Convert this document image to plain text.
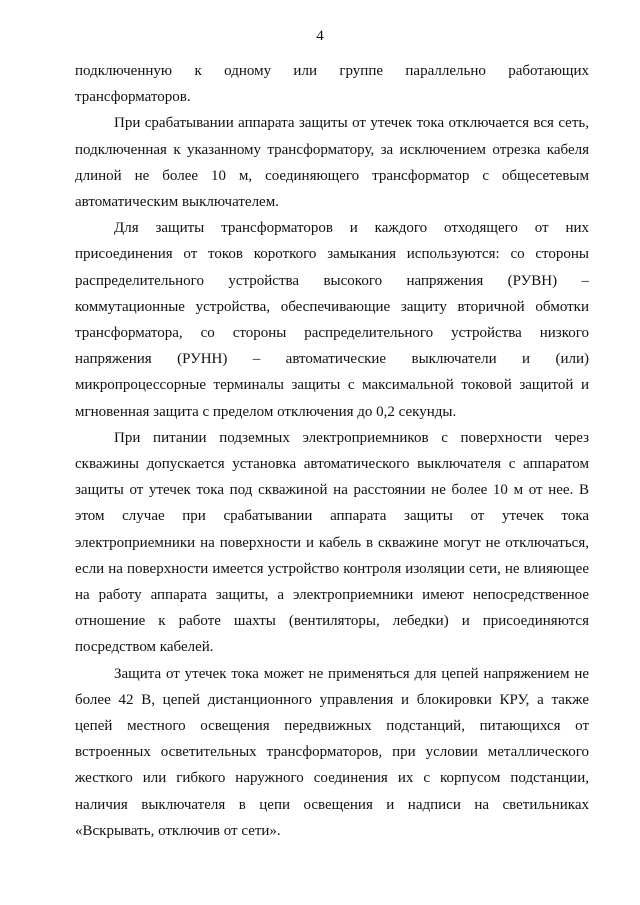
4

подключенную к одному или группе параллельно работающих трансформаторов.

При срабатывании аппарата защиты от утечек тока отключается вся сеть, подключенная к указанному трансформатору, за исключением отрезка кабеля длиной не более 10 м, соединяющего трансформатор с общесетевым автоматическим выключателем.

Для защиты трансформаторов и каждого отходящего от них присоединения от токов короткого замыкания используются: со стороны распределительного устройства высокого напряжения (РУВН) – коммутационные устройства, обеспечивающие защиту вторичной обмотки трансформатора, со стороны распределительного устройства низкого напряжения (РУНН) – автоматические выключатели и (или) микропроцессорные терминалы защиты с максимальной токовой защитой и мгновенная защита с пределом отключения до 0,2 секунды.

При питании подземных электроприемников с поверхности через скважины допускается установка автоматического выключателя с аппаратом защиты от утечек тока под скважиной на расстоянии не более 10 м от нее. В этом случае при срабатывании аппарата защиты от утечек тока электроприемники на поверхности и кабель в скважине могут не отключаться, если на поверхности имеется устройство контроля изоляции сети, не влияющее на работу аппарата защиты, а электроприемники имеют непосредственное отношение к работе шахты (вентиляторы, лебедки) и присоединяются посредством кабелей.

Защита от утечек тока может не применяться для цепей напряжением не более 42 В, цепей дистанционного управления и блокировки КРУ, а также цепей местного освещения передвижных подстанций, питающихся от встроенных осветительных трансформаторов, при условии металлического жесткого или гибкого наружного соединения их с корпусом подстанции, наличия выключателя в цепи освещения и надписи на светильниках «Вскрывать, отключив от сети».
